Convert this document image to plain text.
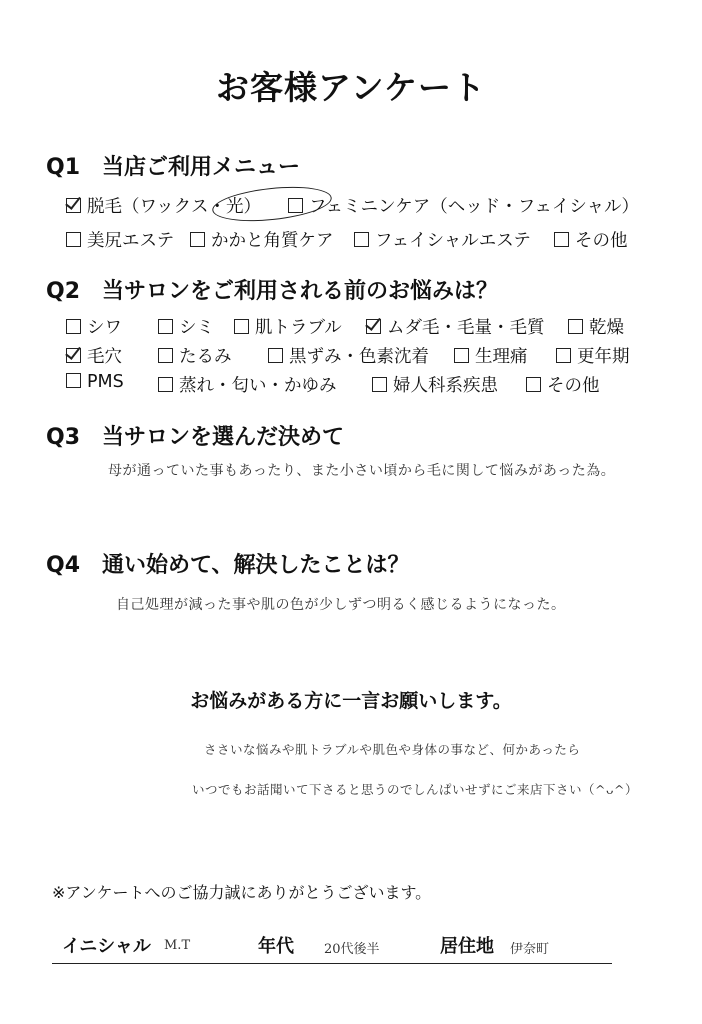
お客様アンケート
Q1 当店ご利用メニュー
脱毛（ワックス・光）	フェミニンケア（ヘッド・フェイシャル）
美尻エステ	かかと角質ケア	フェイシャルエステ	その他
Q2 当サロンをご利用される前のお悩みは？
シワ	シミ	肌トラブル	ムダ毛・毛量・毛質	乾燥
毛穴	たるみ	黒ずみ・色素沈着	生理痛	更年期
PMS	蒸れ・匂い・かゆみ	婦人科系疾患	その他
Q3 当サロンを選んだ決めて
母が通っていた事もあったり、また小さい頃から毛に関して悩みがあった為。
Q4 通い始めて、解決したことは？
自己処理が減った事や肌の色が少しずつ明るく感じるようになった。
お悩みがある方に一言お願いします。
ささいな悩みや肌トラブルや肌色や身体の事など、何かあったら
いつでもお話聞いて下さると思うのでしんぱいせずにご来店下さい（^ᴗ^）
※アンケートへのご協力誠にありがとうございます。
イニシャル M.T	年代 20代後半	居住地 伊奈町
